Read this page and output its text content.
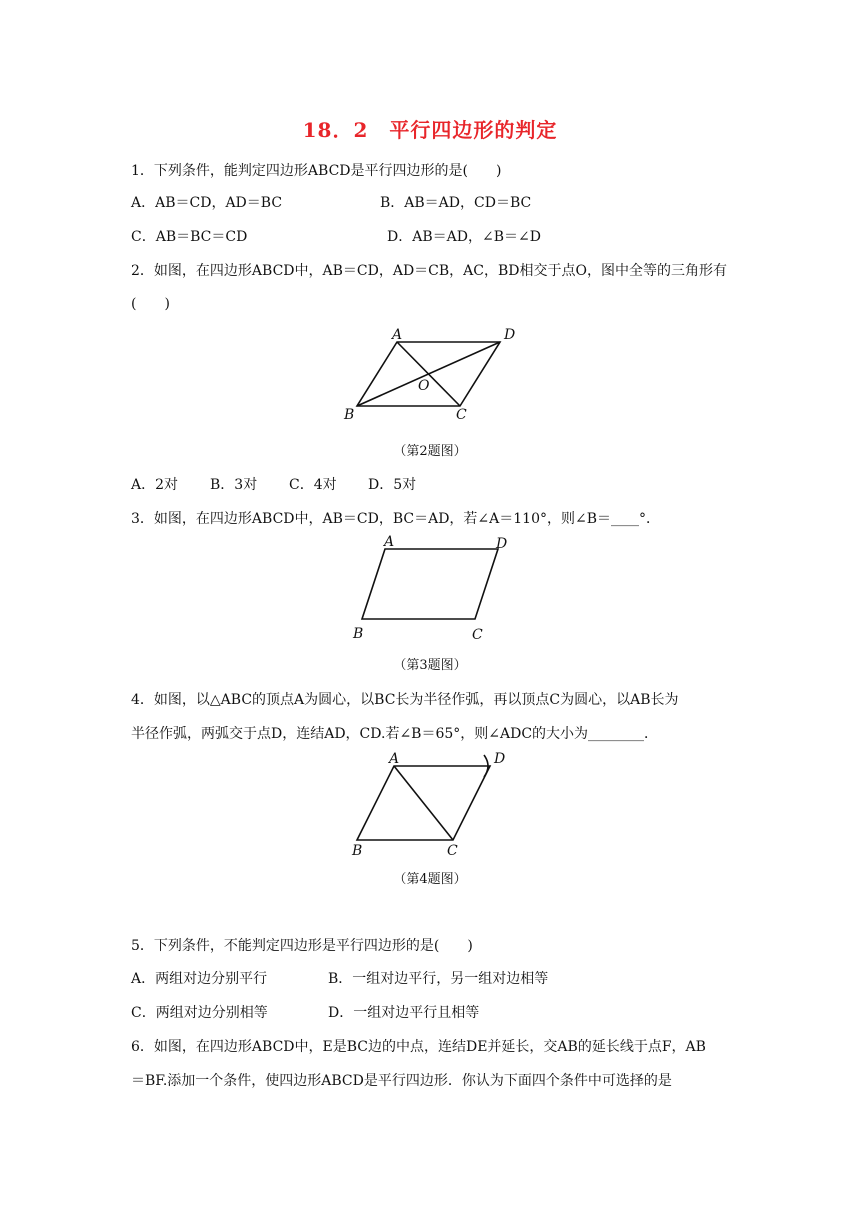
18．2　平行四边形的判定
1．下列条件，能判定四边形ABCD是平行四边形的是(　　)
A．AB＝CD，AD＝BC	B．AB＝AD，CD＝BC
C．AB＝BC＝CD	D．AB＝AD，∠B＝∠D
2．如图，在四边形ABCD中，AB＝CD，AD＝CB，AC，BD相交于点O，图中全等的三角形有
(　　)
A	D
B	C
O
（第2题图）
A．2对 B．3对 C．4对 D．5对
3．如图，在四边形ABCD中，AB＝CD，BC＝AD，若∠A＝110°，则∠B＝____°．
A	D
B	C
（第3题图）
4．如图，以△ABC的顶点A为圆心，以BC长为半径作弧，再以顶点C为圆心，以AB长为
半径作弧，两弧交于点D，连结AD，CD.若∠B＝65°，则∠ADC的大小为________．
A	D
B	C
（第4题图）
5．下列条件，不能判定四边形是平行四边形的是(　　)
A．两组对边分别平行	B．一组对边平行，另一组对边相等
C．两组对边分别相等	D．一组对边平行且相等
6．如图，在四边形ABCD中，E是BC边的中点，连结DE并延长，交AB的延长线于点F，AB
＝BF.添加一个条件，使四边形ABCD是平行四边形．你认为下面四个条件中可选择的是
